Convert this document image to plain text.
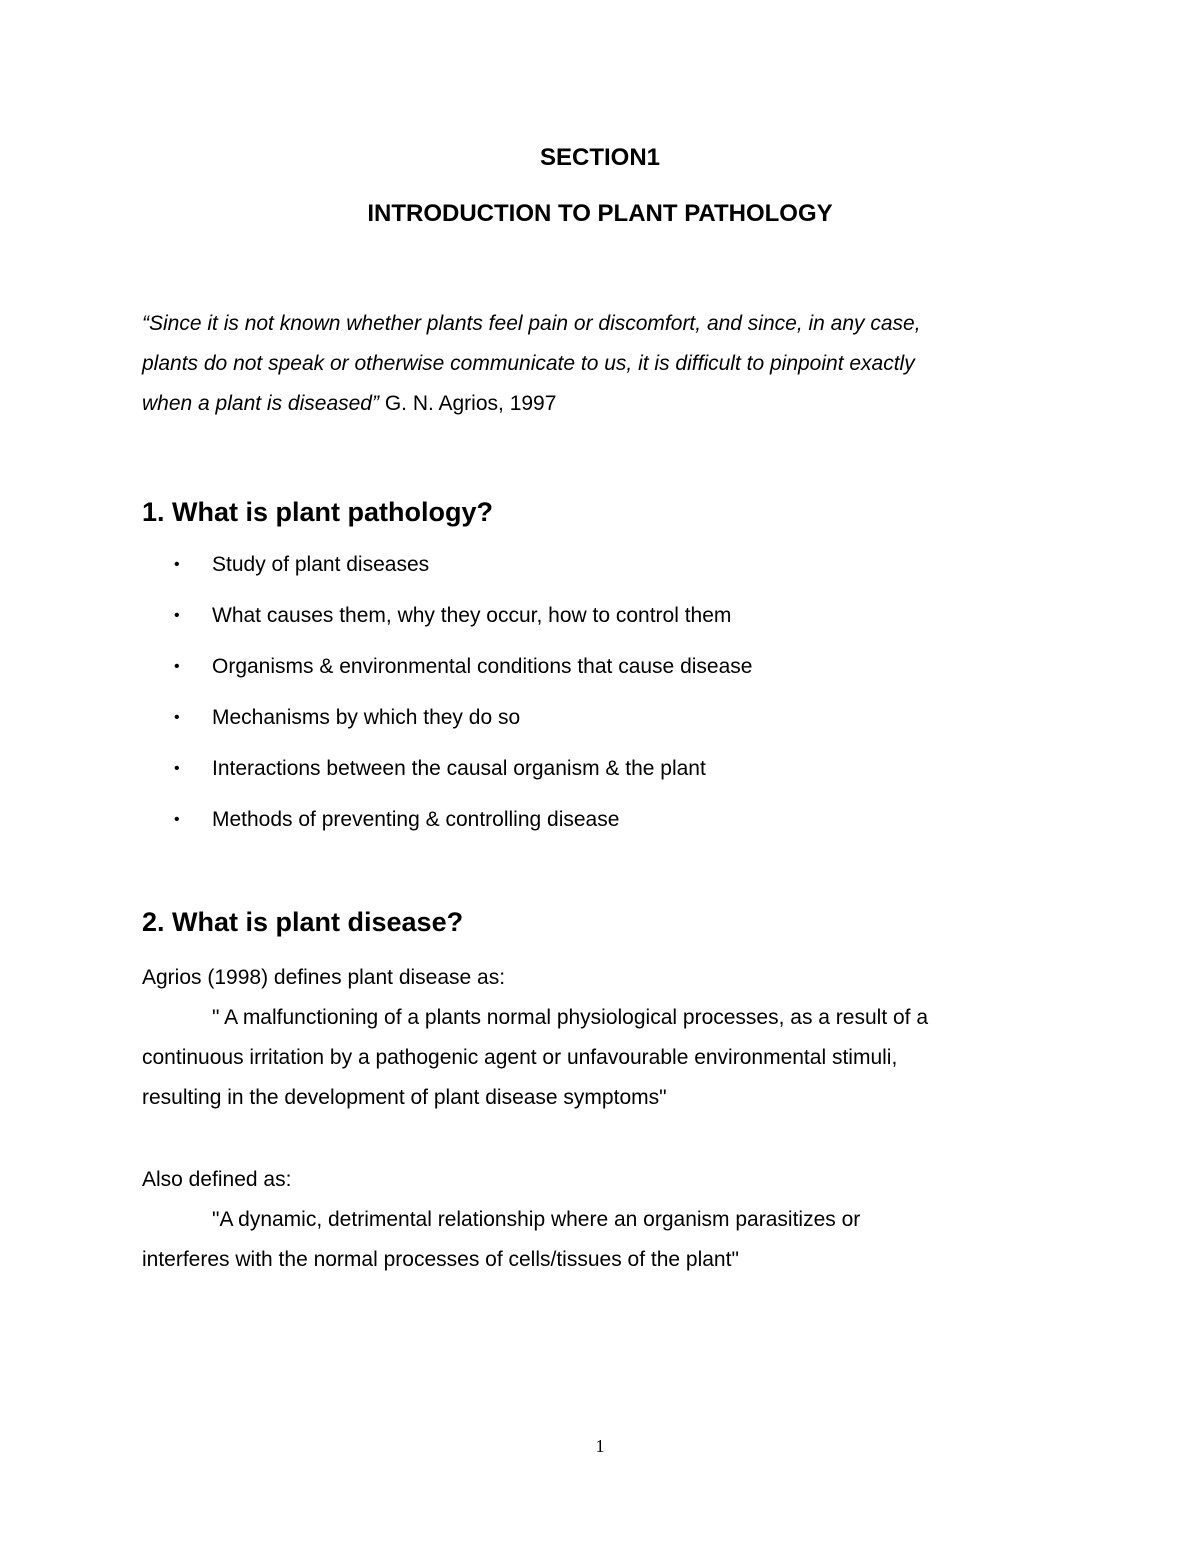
SECTION1
INTRODUCTION TO PLANT PATHOLOGY
“Since it is not known whether plants feel pain or discomfort, and since, in any case,
plants do not speak or otherwise communicate to us, it is difficult to pinpoint exactly
when a plant is diseased” G. N. Agrios, 1997
1. What is plant pathology?
• Study of plant diseases
• What causes them, why they occur, how to control them
• Organisms & environmental conditions that cause disease
• Mechanisms by which they do so
• Interactions between the causal organism & the plant
• Methods of preventing & controlling disease
2. What is plant disease?
Agrios (1998) defines plant disease as:
" A malfunctioning of a plants normal physiological processes, as a result of a
continuous irritation by a pathogenic agent or unfavourable environmental stimuli,
resulting in the development of plant disease symptoms"
Also defined as:
"A dynamic, detrimental relationship where an organism parasitizes or
interferes with the normal processes of cells/tissues of the plant"
1
